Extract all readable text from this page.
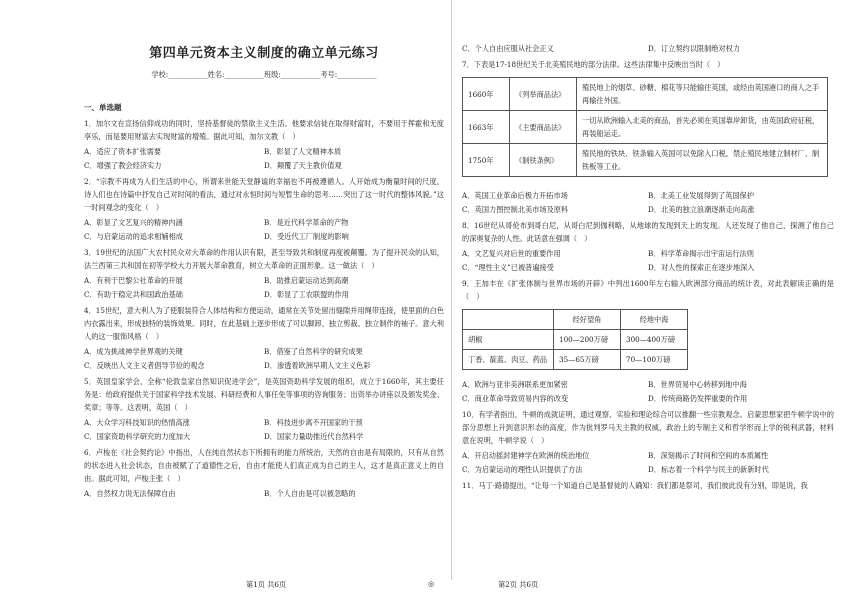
第四单元资本主义制度的确立单元练习
学校:___________姓名:___________班级:___________考号:___________
一、单选题

1．加尔文在宣扬信仰成功的同时，坚持基督徒的禁欲主义生活。他要求信徒在取得财富时，不要用于挥霍和无度享乐，而是要用财富去实现财富的增殖。据此可知，加尔文教（　）

A．适应了资本扩张需要	B．彰显了人文精神本质
C．增强了教会经济实力	D．颠覆了天主教价值观

2．“宗教不再成为人们生活的中心，所谓来世能天堂静谧的幸福也不再被遵循人。人开始成为衡量时间的尺度，诗人们也在诗篇中抒发自己对时间的看法，通过对永恒时间与短暂生命的思考……突出了这一时代的整体风貌。”这一时间观念的变化（　）

A．彰显了文艺复兴的精神内涵	B．是近代科学革命的产物
C．与启蒙运动的追求相辅相成	D．受近代工厂制度的影响

3．19世纪的法国广大农村民众对大革命的作用认识有限，甚至导致共和制度再度被颠覆。为了提升民众的认知，法兰西第三共和国在初等学校大力开展大革命教育，树立大革命的正面形象。这一做法（　）

A．有利于巴黎公社革命的开展	B．助推启蒙运动达到高潮
C．有助于稳定共和国政治基础	D．彰显了工农联盟的作用

4．15世纪，意大利人为了使服装符合人体结构和方便运动，通常在关节处留出缝隙并用绳带连接，使里面的白色内衣露出来，形成独特的装饰效果。同时，在此基础上逐步形成了可以脚卸、独立剪裁、独立制作的袖子。意大利人的这一服饰风格（　）

A．成为挑战神学世界观的关键	B．借鉴了自然科学的研究成果
C．反映出人文主义者倡导节俭的观念	D．渗透着欧洲早期人文主义色彩

5．英国皇家学会，全称“伦敦皇家自然知识促进学会”，是英国资助科学发展的组织，成立于1660年，其主要任务是：给政府提供关于国家科学技术发展、科研经费和人事任免等事项的咨询服务；出资举办讲座以及颁发奖金、奖章；等等。这表明，英国（　）

A．大众学习科技知识的热情高涨	B．科技进步离不开国家的干预
C．国家资助科学研究的力度加大	D．国家力量助推近代自然科学

6．卢梭在《社会契约论》中指出，人在纯自然状态下所拥有的能力所统治，天然的自由是有局限的，只有从自然的状态进入社会状态，自由被赋了了道德性之后，自由才能使人们真正成为自己的主人，这才是真正意义上的自由。据此可知，卢梭主张（　）

A．自然权力说无法保障自由	B．个人自由是可以被忽略的
C．个人自由应服从社会正义	D．订立契约以限制绝对权力

7．下表是17-18世纪关于北美殖民地的部分法律。这些法律集中反映出当时（　）

1660年	《列举商品法》	殖民地上的烟草、砂糖、棉花等只能输往英国，或经由英国港口的商人之手再输往外国。
1663年	《主要商品法》	一切从欧洲输入北美的商品，首先必须在英国靠岸卸货，由英国政府征税，再装船运走。
1750年	《制铁条例》	殖民地的铁块、铁条输入英国可以免除入口税，禁止殖民地建立制材厂、制铁板等工业。
A．英国工业革命后极力开拓市场	B．北美工业发展得到了英国保护
C．英国力图控制北美市场及原料	D．北美的独立浪潮逐渐走向高涨

8．16世纪从哥伦布到哥白尼，从哥白尼到伽利略，从地球的发现到天上的发现。人还发现了他自己，探测了他自己的深奥复杂的人性。此话意在强调（　）

A．文艺复兴对后世的重要作用	B．科学革命揭示出宇宙运行法则
C．“理性主义”已被普遍接受	D．对人性的探索正在逐步地深入

9．王加丰在《扩张体制与世界市场的开辟》中列出1600年左右输入欧洲部分商品的统计表，对此表解读正确的是（　）

	经好望角	经地中海
胡椒	100—200万磅	300—400万磅
丁香、靛蓝、肉豆、药品	35—65万磅	70—100万磅
A．欧洲与亚非美洲联系更加紧密	B．世界贸易中心转移到地中海
C．商业革命导致贸易内容的改变	D．传统商路仍发挥重要的作用

10．有学者指出，牛顿的成就证明，通过观察、实验和理论综合可以推翻一些宗教观念。启蒙思想家把牛顿学说中的部分思想上升到意识形态的高度，作为批判罗马天主教的权威，政治上的专制主义和哲学形而上学的锐利武器，材料意在说明，牛顿学说（　）

A．开启动摇封建神学在欧洲的统治地位	B．深刻揭示了时间和空间的本质属性
C．为启蒙运动的理性认识提供了方法	D．标志着一个科学与民主的新新时代

11．马丁·路德提出，“让每一个知道自己是基督徒的人确知：我们都是祭司，我们彼此没有分别，即是说，我

第1页 共6页	◎	第2页 共6页
